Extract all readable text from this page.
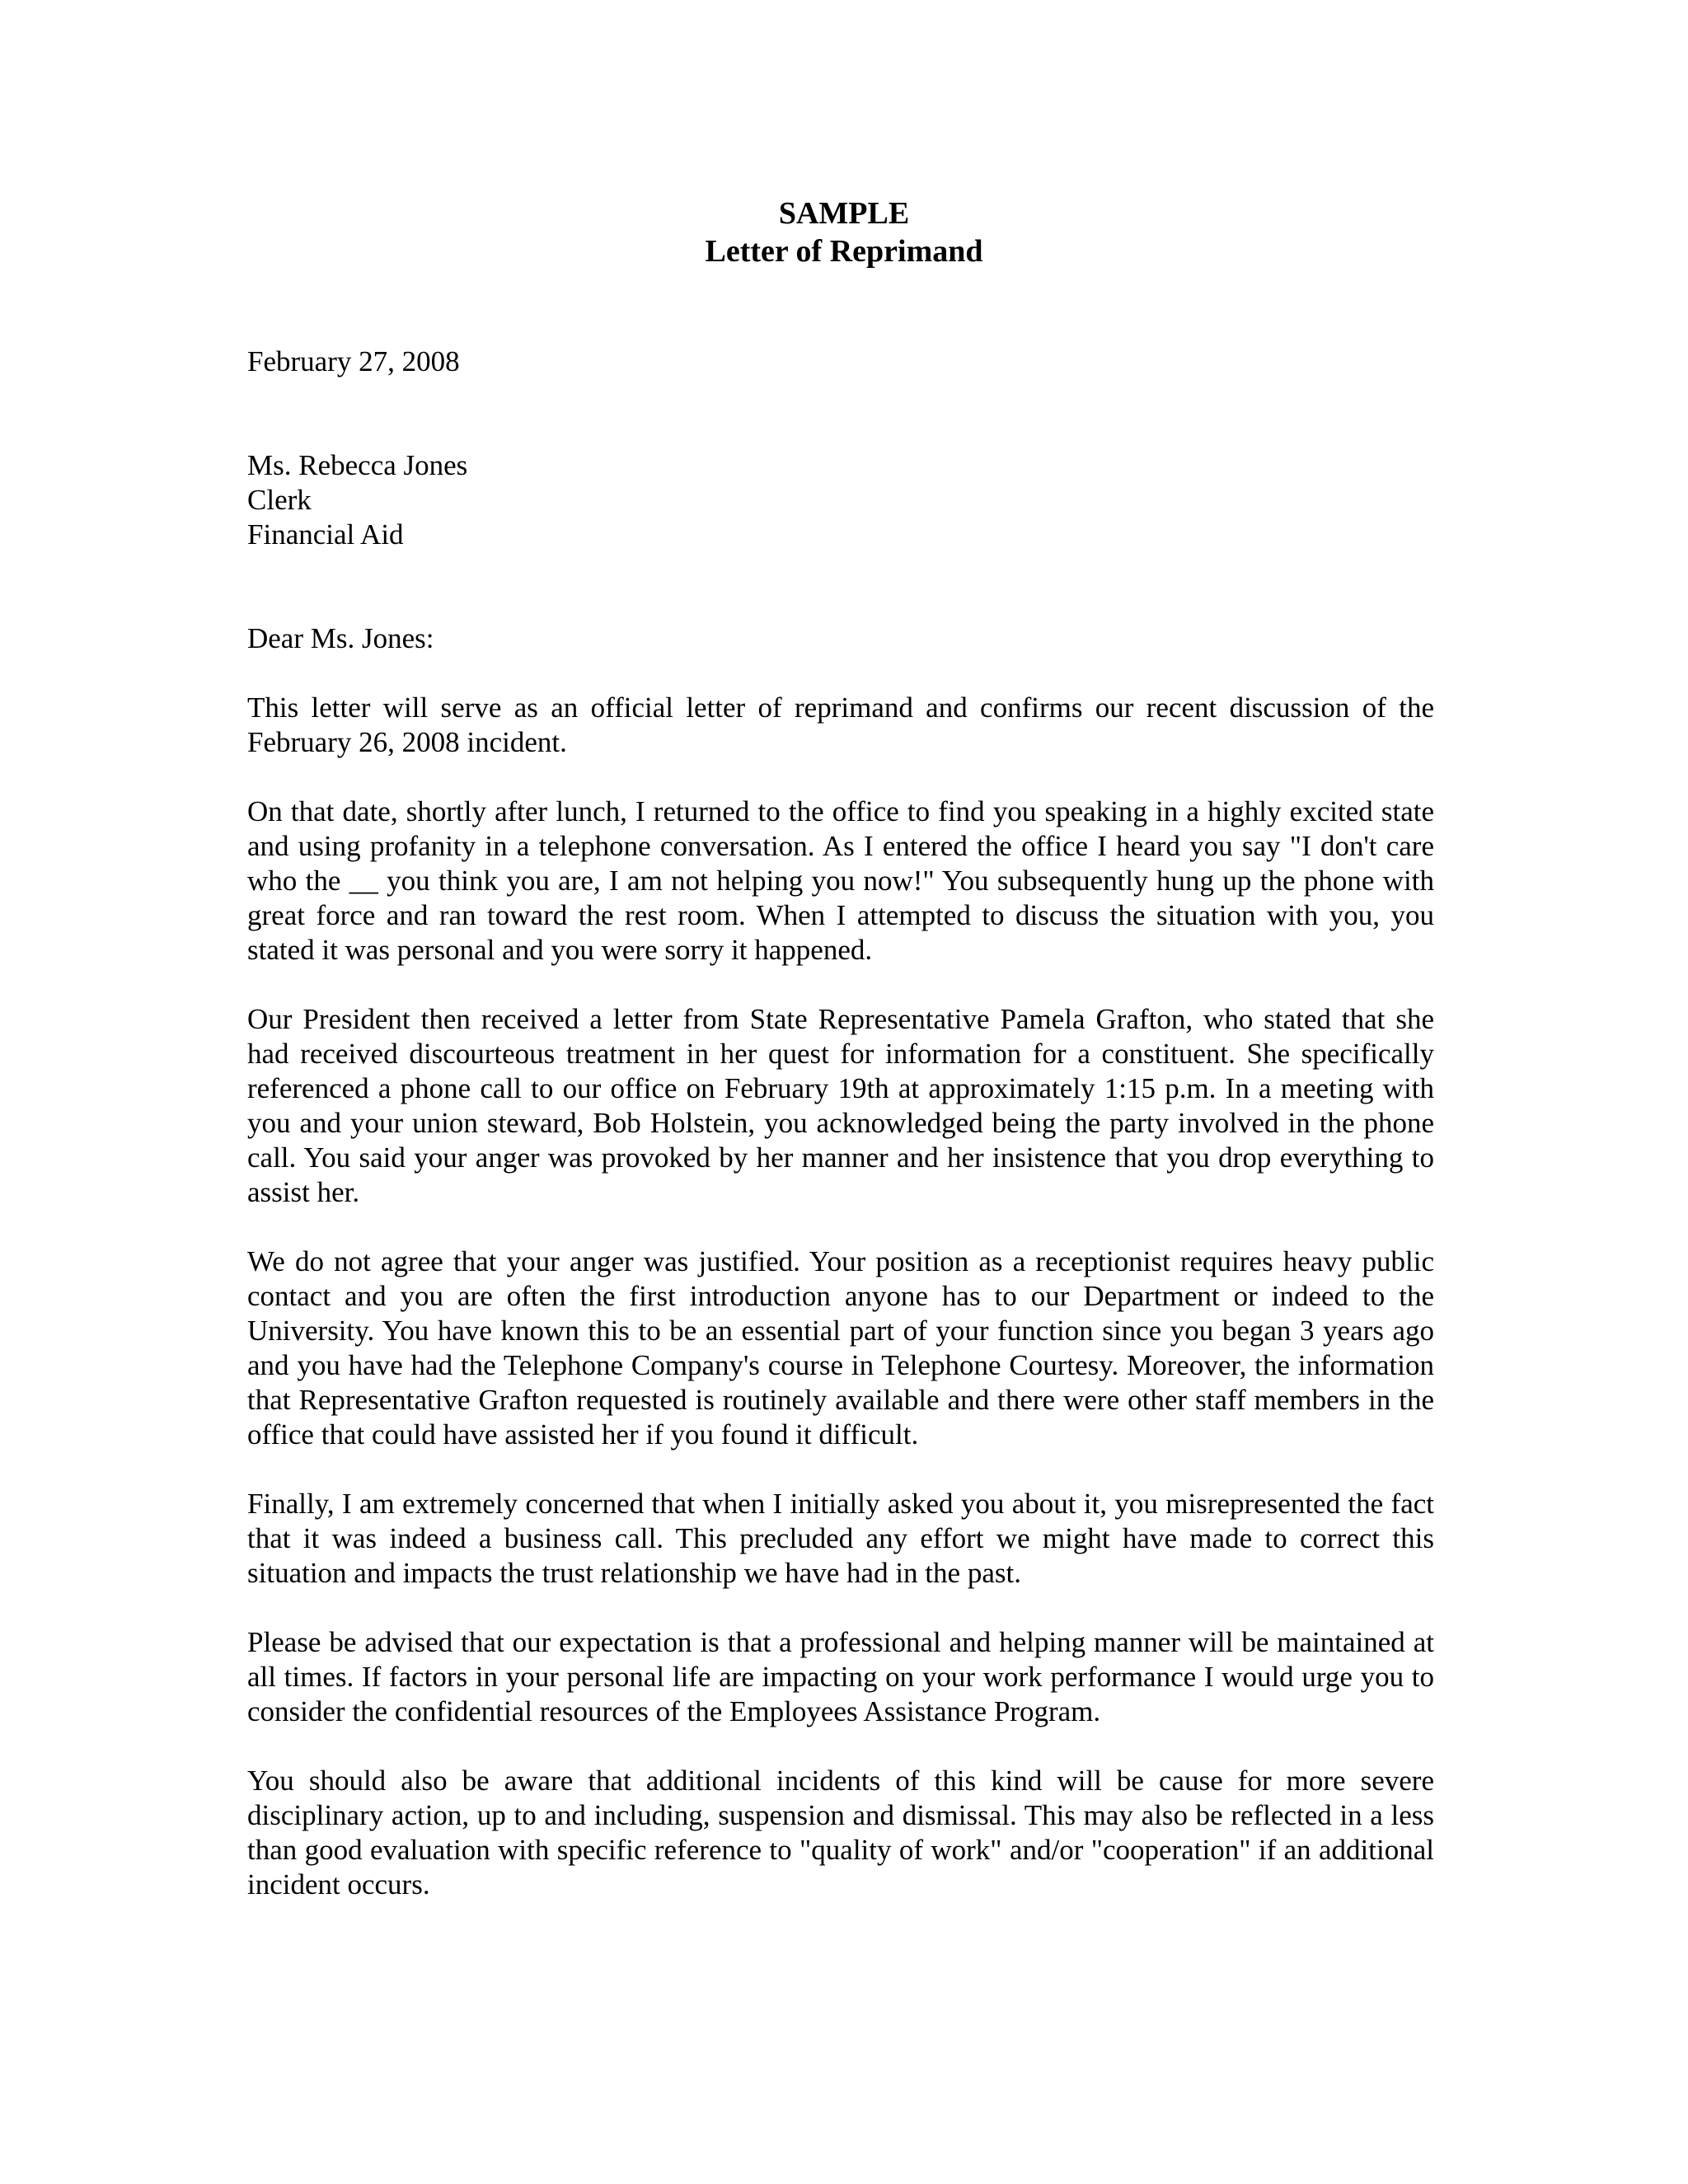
SAMPLE
Letter of Reprimand
February 27, 2008
Ms. Rebecca Jones
Clerk
Financial Aid
Dear Ms. Jones:

This letter will serve as an official letter of reprimand and confirms our recent discussion of the February 26, 2008 incident.

On that date, shortly after lunch, I returned to the office to find you speaking in a highly excited state and using profanity in a telephone conversation. As I entered the office I heard you say "I don't care who the __ you think you are, I am not helping you now!" You subsequently hung up the phone with great force and ran toward the rest room. When I attempted to discuss the situation with you, you stated it was personal and you were sorry it happened.

Our President then received a letter from State Representative Pamela Grafton, who stated that she had received discourteous treatment in her quest for information for a constituent. She specifically referenced a phone call to our office on February 19th at approximately 1:15 p.m. In a meeting with you and your union steward, Bob Holstein, you acknowledged being the party involved in the phone call. You said your anger was provoked by her manner and her insistence that you drop everything to assist her.

We do not agree that your anger was justified. Your position as a receptionist requires heavy public contact and you are often the first introduction anyone has to our Department or indeed to the University. You have known this to be an essential part of your function since you began 3 years ago and you have had the Telephone Company's course in Telephone Courtesy. Moreover, the information that Representative Grafton requested is routinely available and there were other staff members in the office that could have assisted her if you found it difficult.

Finally, I am extremely concerned that when I initially asked you about it, you misrepresented the fact that it was indeed a business call. This precluded any effort we might have made to correct this situation and impacts the trust relationship we have had in the past.

Please be advised that our expectation is that a professional and helping manner will be maintained at all times. If factors in your personal life are impacting on your work performance I would urge you to consider the confidential resources of the Employees Assistance Program.

You should also be aware that additional incidents of this kind will be cause for more severe disciplinary action, up to and including, suspension and dismissal. This may also be reflected in a less than good evaluation with specific reference to "quality of work" and/or "cooperation" if an additional incident occurs.
